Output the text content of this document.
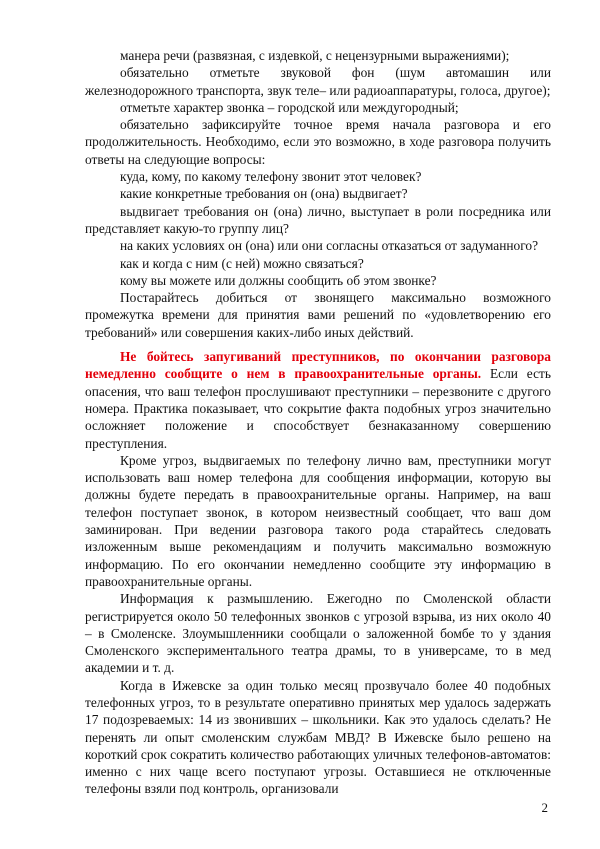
манера речи (развязная, с издевкой, с нецензурными выражениями);

обязательно отметьте звуковой фон (шум автомашин или железнодорожного транспорта, звук теле– или радиоаппаратуры, голоса, другое);

отметьте характер звонка – городской или междугородный;

обязательно зафиксируйте точное время начала разговора и его продолжительность. Необходимо, если это возможно, в ходе разговора получить ответы на следующие вопросы:

куда, кому, по какому телефону звонит этот человек?

какие конкретные требования он (она) выдвигает?

выдвигает требования он (она) лично, выступает в роли посредника или представляет какую-то группу лиц?

на каких условиях он (она) или они согласны отказаться от задуманного?

как и когда с ним (с ней) можно связаться?

кому вы можете или должны сообщить об этом звонке?

Постарайтесь добиться от звонящего максимально возможного промежутка времени для принятия вами решений по «удовлетворению его требований» или совершения каких-либо иных действий.

Не бойтесь запугиваний преступников, по окончании разговора немедленно сообщите о нем в правоохранительные органы. Если есть опасения, что ваш телефон прослушивают преступники – перезвоните с другого номера. Практика показывает, что сокрытие факта подобных угроз значительно осложняет положение и способствует безнаказанному совершению преступления.

Кроме угроз, выдвигаемых по телефону лично вам, преступники могут использовать ваш номер телефона для сообщения информации, которую вы должны будете передать в правоохранительные органы. Например, на ваш телефон поступает звонок, в котором неизвестный сообщает, что ваш дом заминирован. При ведении разговора такого рода старайтесь следовать изложенным выше рекомендациям и получить максимально возможную информацию. По его окончании немедленно сообщите эту информацию в правоохранительные органы.

Информация к размышлению. Ежегодно по Смоленской области регистрируется около 50 телефонных звонков с угрозой взрыва, из них около 40 – в Смоленске. Злоумышленники сообщали о заложенной бомбе то у здания Смоленского экспериментального театра драмы, то в универсаме, то в мед академии и т. д.

Когда в Ижевске за один только месяц прозвучало более 40 подобных телефонных угроз, то в результате оперативно принятых мер удалось задержать 17 подозреваемых: 14 из звонивших – школьники. Как это удалось сделать? Не перенять ли опыт смоленским службам МВД? В Ижевске было решено на короткий срок сократить количество работающих уличных телефонов-автоматов: именно с них чаще всего поступают угрозы. Оставшиеся не отключенные телефоны взяли под контроль, организовали

2
